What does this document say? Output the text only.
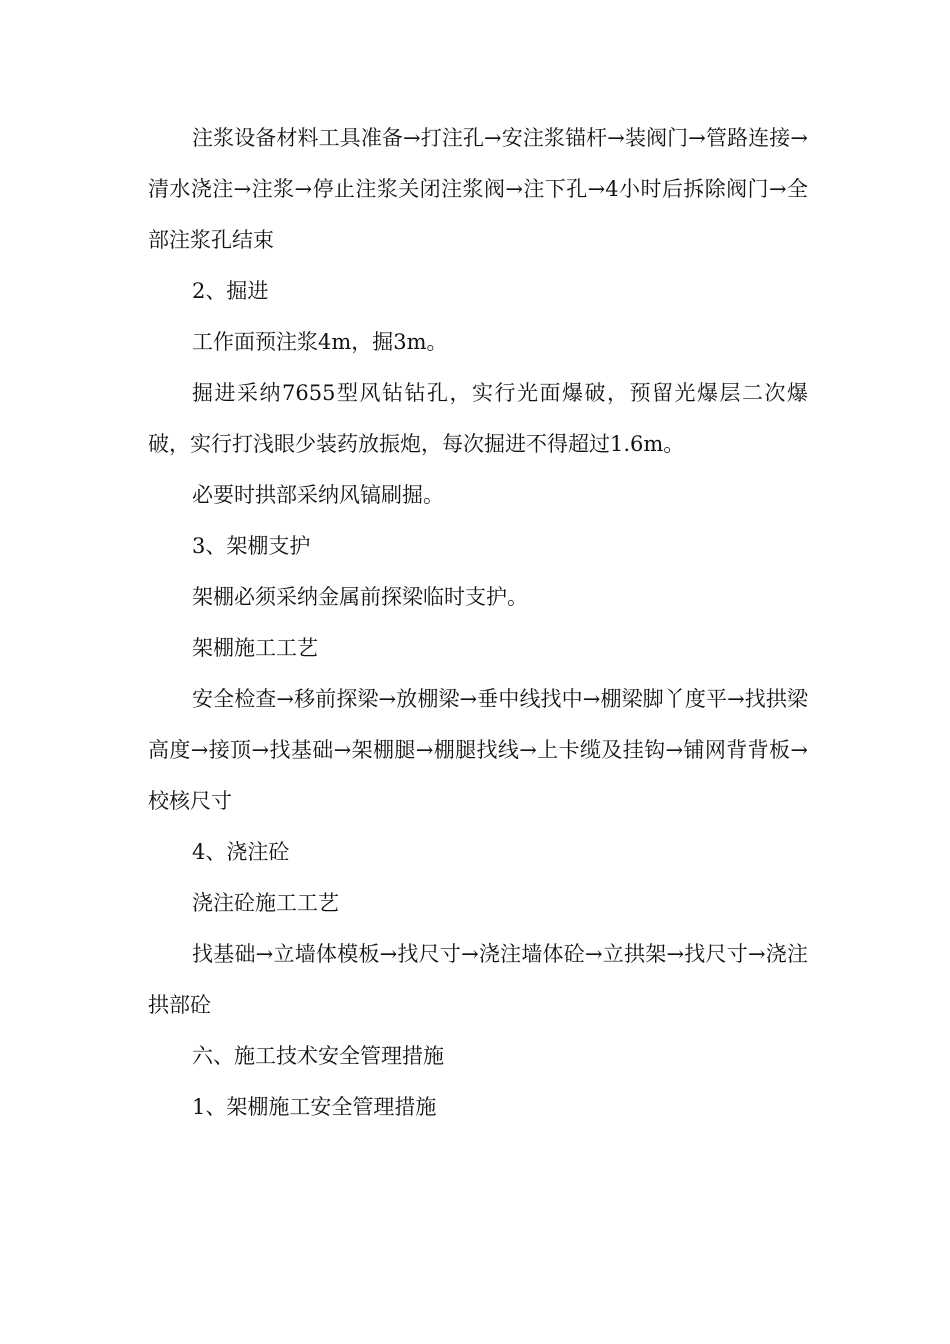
注浆设备材料工具准备→打注孔→安注浆锚杆→装阀门→管路连接→清水浇注→注浆→停止注浆关闭注浆阀→注下孔→4小时后拆除阀门→全部注浆孔结束

2、掘进

工作面预注浆4m，掘3m。

掘进采纳7655型风钻钻孔，实行光面爆破，预留光爆层二次爆破，实行打浅眼少装药放振炮，每次掘进不得超过1.6m。

必要时拱部采纳风镐刷掘。

3、架棚支护

架棚必须采纳金属前探梁临时支护。

架棚施工工艺

安全检查→移前探梁→放棚梁→垂中线找中→棚梁脚丫度平→找拱梁高度→接顶→找基础→架棚腿→棚腿找线→上卡缆及挂钩→铺网背背板→校核尺寸

4、浇注砼

浇注砼施工工艺

找基础→立墙体模板→找尺寸→浇注墙体砼→立拱架→找尺寸→浇注拱部砼

六、施工技术安全管理措施

1、架棚施工安全管理措施
